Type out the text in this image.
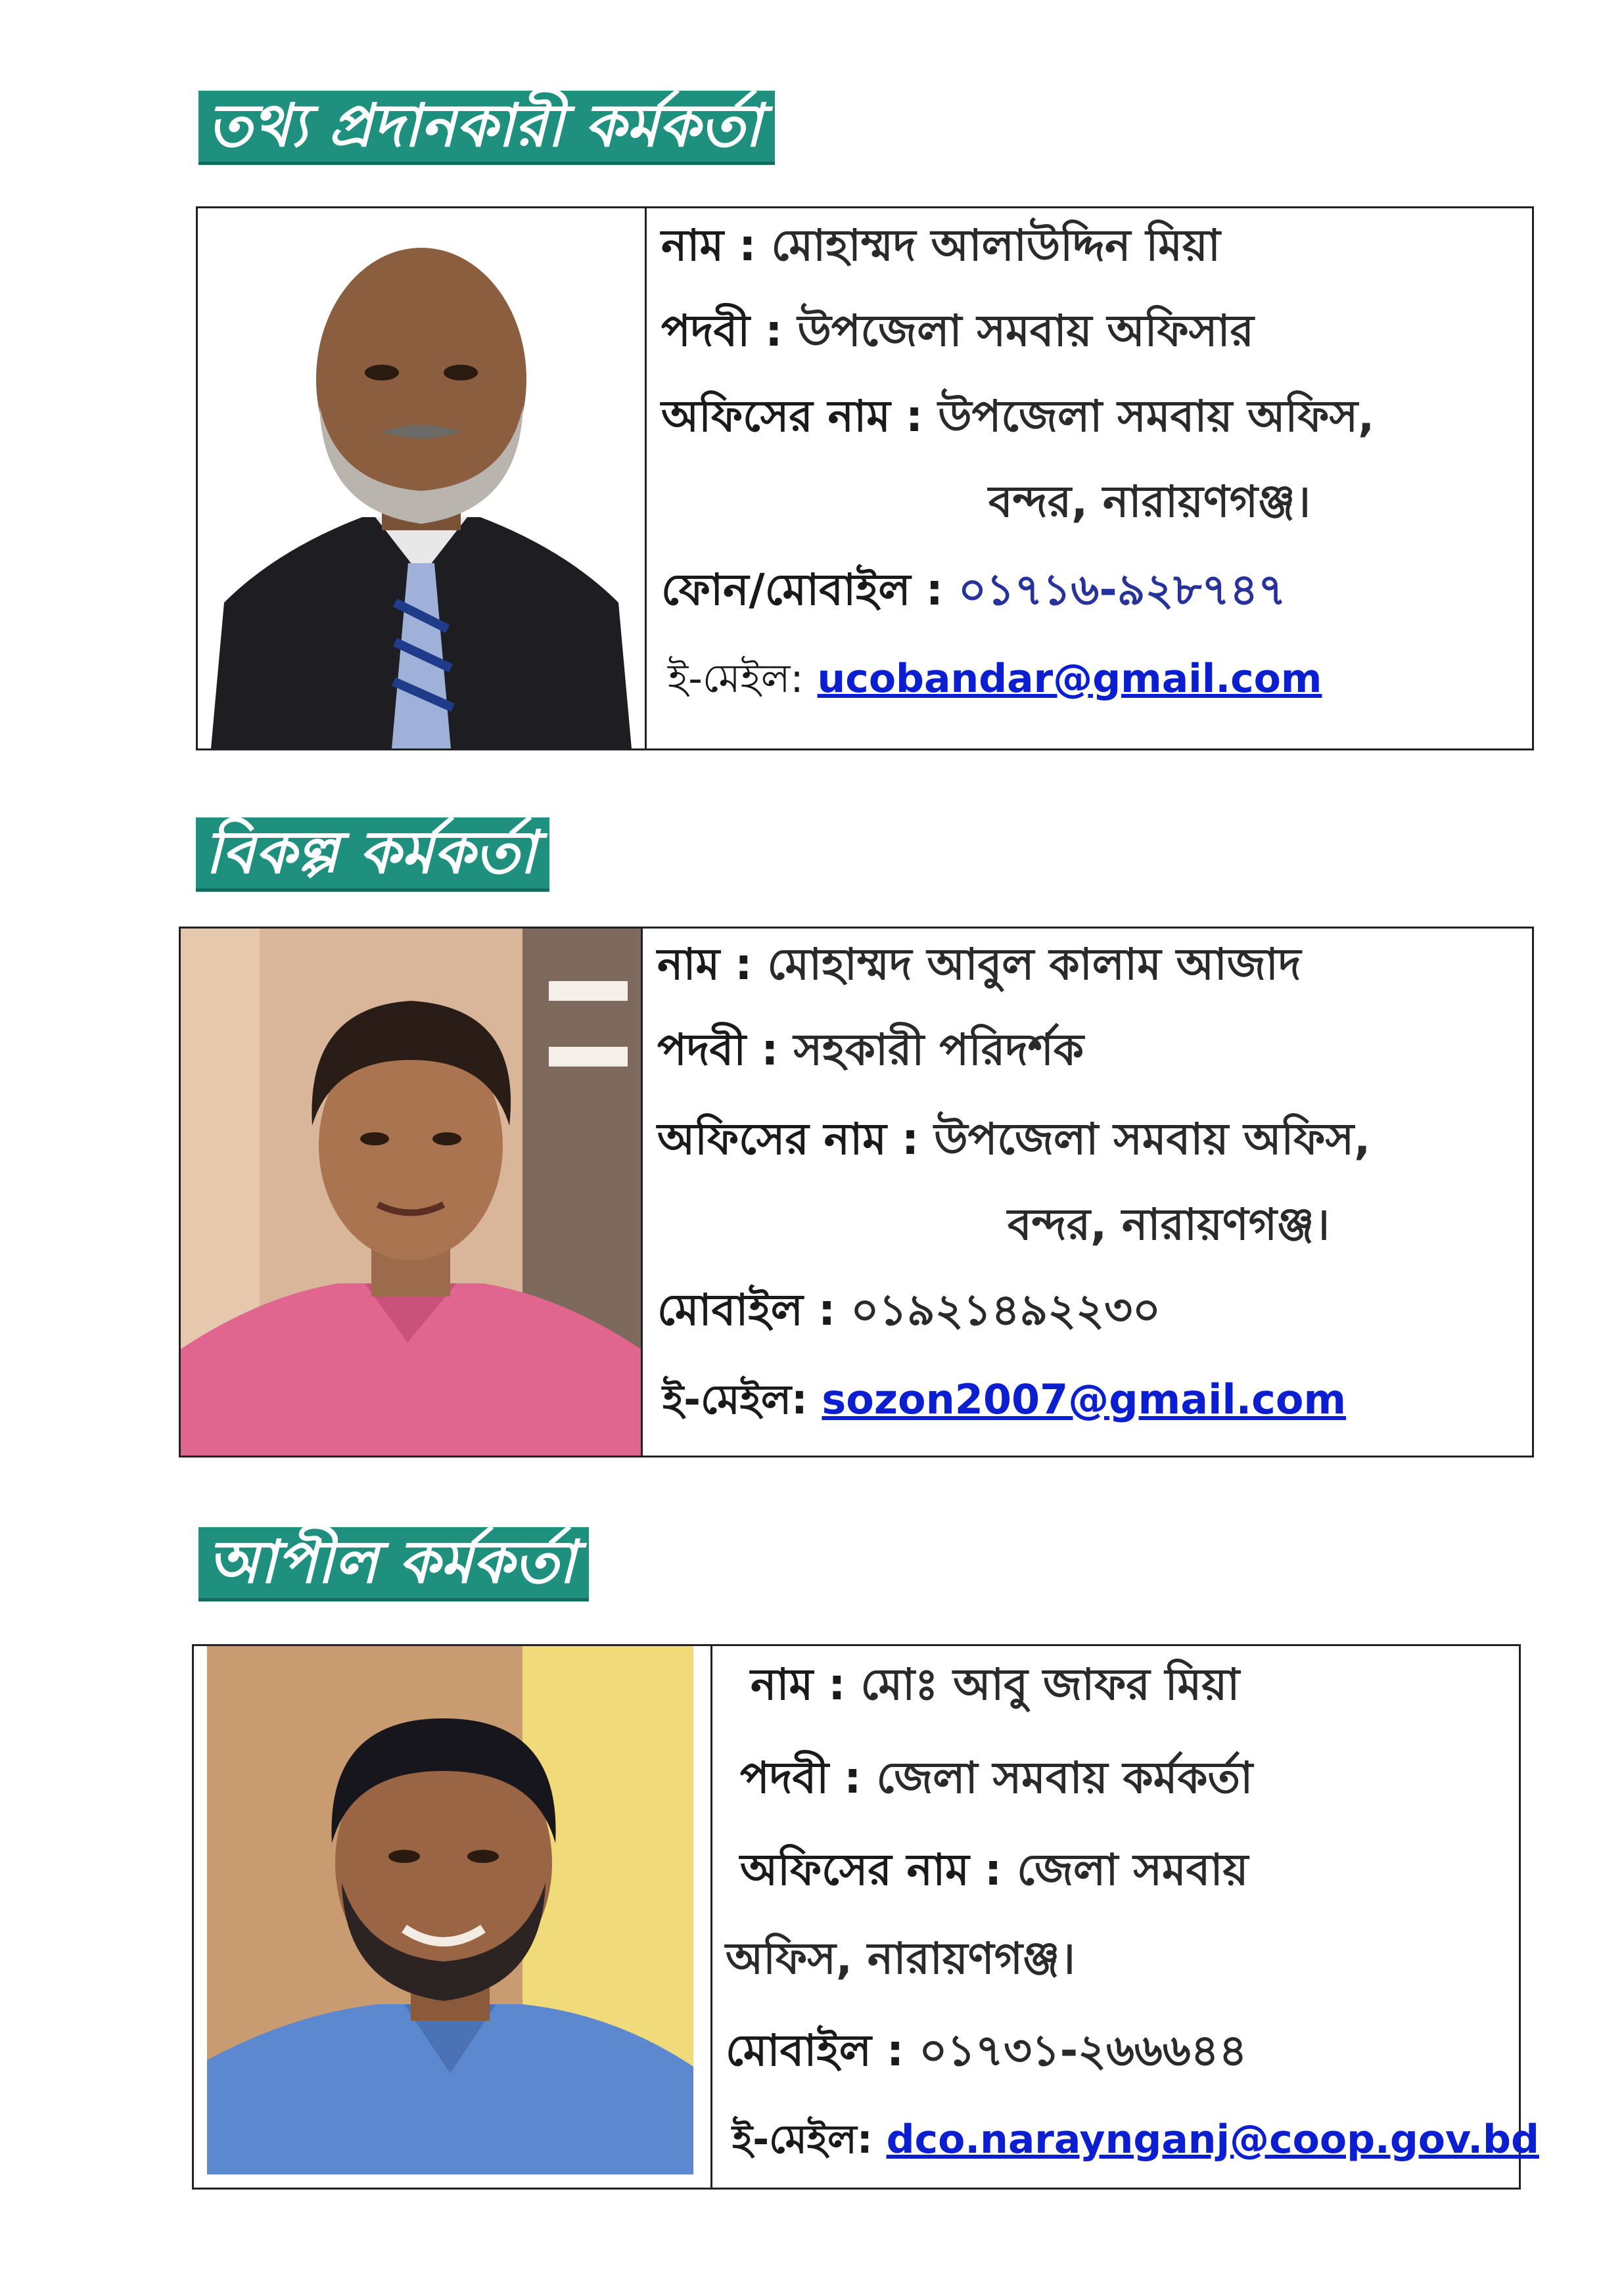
তথ্য প্রদানকারী কর্মকর্তা
নাম : মোহাম্মদ আলাউদ্দিন মিয়া
পদবী : উপজেলা সমবায় অফিসার
অফিসের নাম : উপজেলা সমবায় অফিস,
বন্দর, নারায়ণগঞ্জ।
ফোন/মোবাইল : ০১৭১৬-৯২৮৭৪৭
ই-মেইল: ucobandar@gmail.com
বিকল্প কর্মকর্তা
নাম : মোহাম্মদ আবুল কালাম আজাদ
পদবী : সহকারী পরিদর্শক
অফিসের নাম : উপজেলা সমবায় অফিস,
বন্দর, নারায়ণগঞ্জ।
মোবাইল : ০১৯২১৪৯২২৩০
ই-মেইল: sozon2007@gmail.com
আপীল কর্মকর্তা
নাম : মোঃ আবু জাফর মিয়া
পদবী : জেলা সমবায় কর্মকর্তা
অফিসের নাম : জেলা সমবায়
অফিস, নারায়ণগঞ্জ।
মোবাইল : ০১৭৩১-২৬৬৬৪৪
ই-মেইল: dco.naraynganj@coop.gov.bd
